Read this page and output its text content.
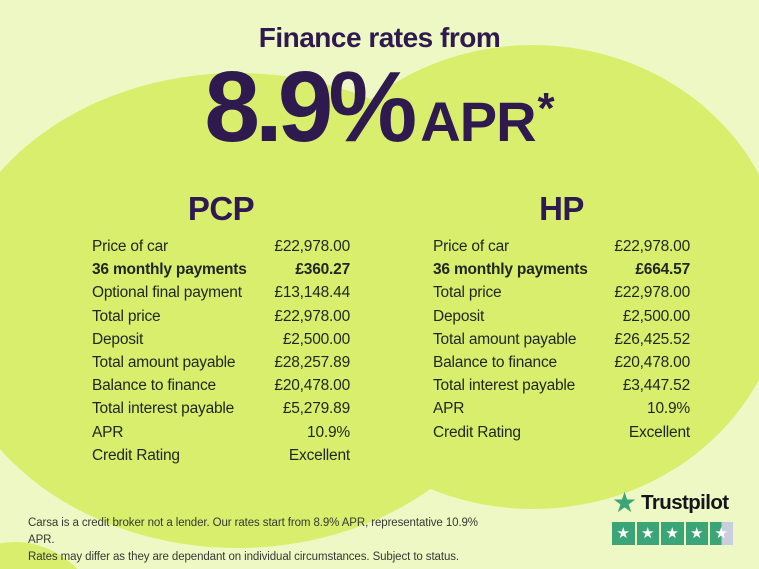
Finance rates from
8.9% APR *
PCP
Price of car	£22,978.00
36 monthly payments	£360.27
Optional final payment £13,148.44
Total price	£22,978.00
Deposit	£2,500.00
Total amount payable	£28,257.89
Balance to finance	£20,478.00
Total interest payable	£5,279.89
APR	10.9%
Credit Rating	Excellent
HP
Price of car	£22,978.00
36 monthly payments	£664.57
Total price	£22,978.00
Deposit	£2,500.00
Total amount payable £26,425.52
Balance to finance	£20,478.00
Total interest payable	£3,447.52
APR	10.9%
Credit Rating	Excellent
Carsa is a credit broker not a lender. Our rates start from 8.9% APR, representative 10.9% APR.
Rates may differ as they are dependant on individual circumstances. Subject to status.
★ Trustpilot
★ ★ ★ ★ ★
